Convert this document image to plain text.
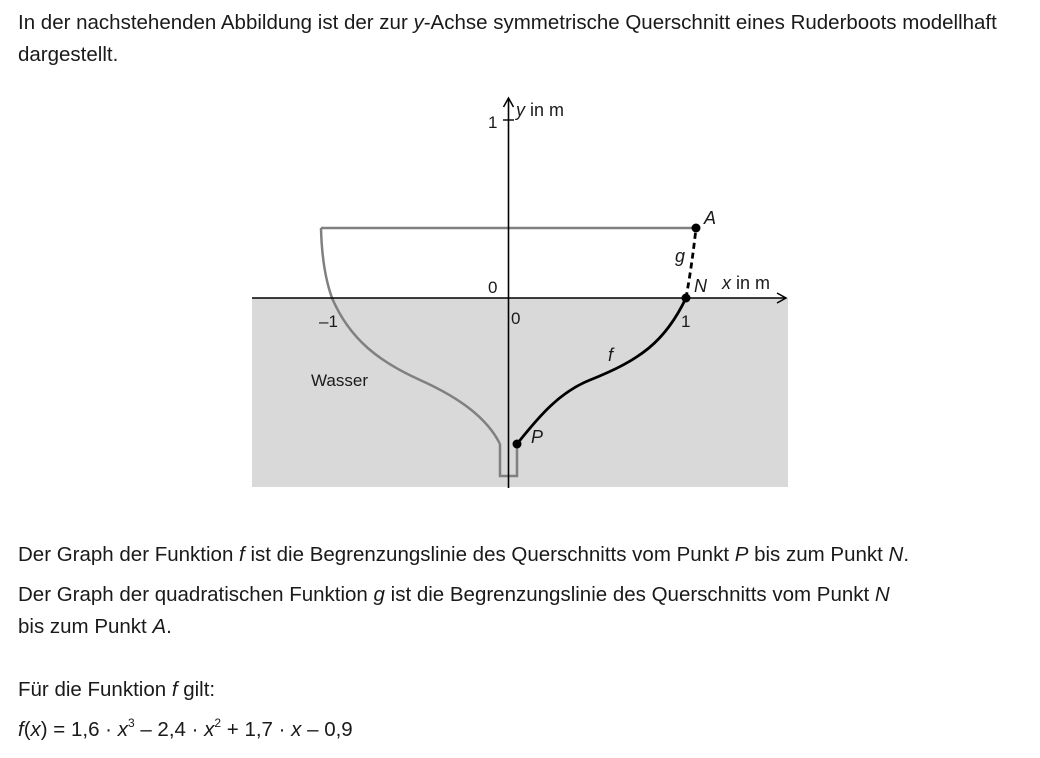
In der nachstehenden Abbildung ist der zur y-Achse symmetrische Querschnitt eines Ruderboots modellhaft dargestellt.

1
y in m
x in m
0
0
–1	1
A
N
P
g
f
Wasser

Der Graph der Funktion f ist die Begrenzungslinie des Querschnitts vom Punkt P bis zum Punkt N.

Der Graph der quadratischen Funktion g ist die Begrenzungslinie des Querschnitts vom Punkt N
bis zum Punkt A.

Für die Funktion f gilt:

$f(x) = 1,6 \cdot x^3 - 2,4 \cdot x^2 + 1,7 \cdot x - 0,9$
